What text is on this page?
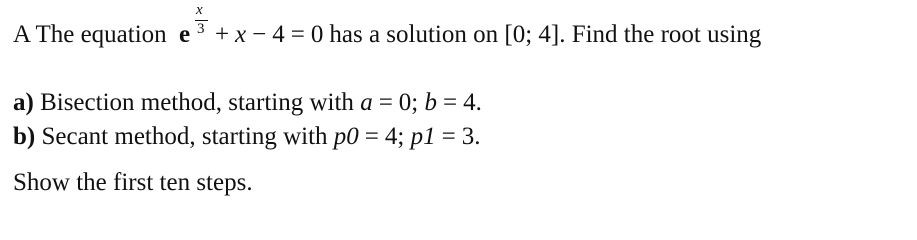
A The equation e
x
3 + x − 4 = 0 has a solution on [0; 4]. Find the root using
a) Bisection method, starting with a = 0; b = 4.
b) Secant method, starting with p0 = 4; p1 = 3.
Show the first ten steps.
